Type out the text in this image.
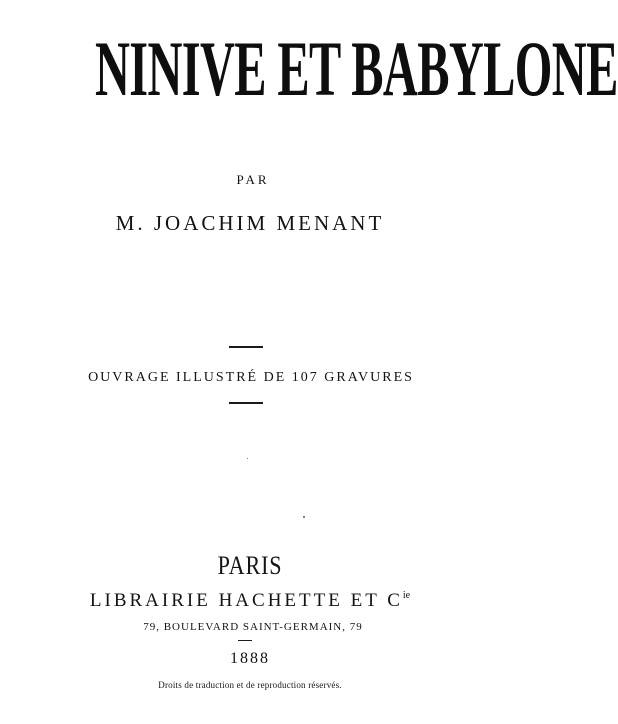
NINIVE ET BABYLONE
PAR
M. JOACHIM MENANT
OUVRAGE ILLUSTRÉ DE 107 GRAVURES
PARIS
LIBRAIRIE HACHETTE ET $C^{ie}$
79, BOULEVARD SAINT-GERMAIN, 79
1888
Droits de traduction et de reproduction réservés.
